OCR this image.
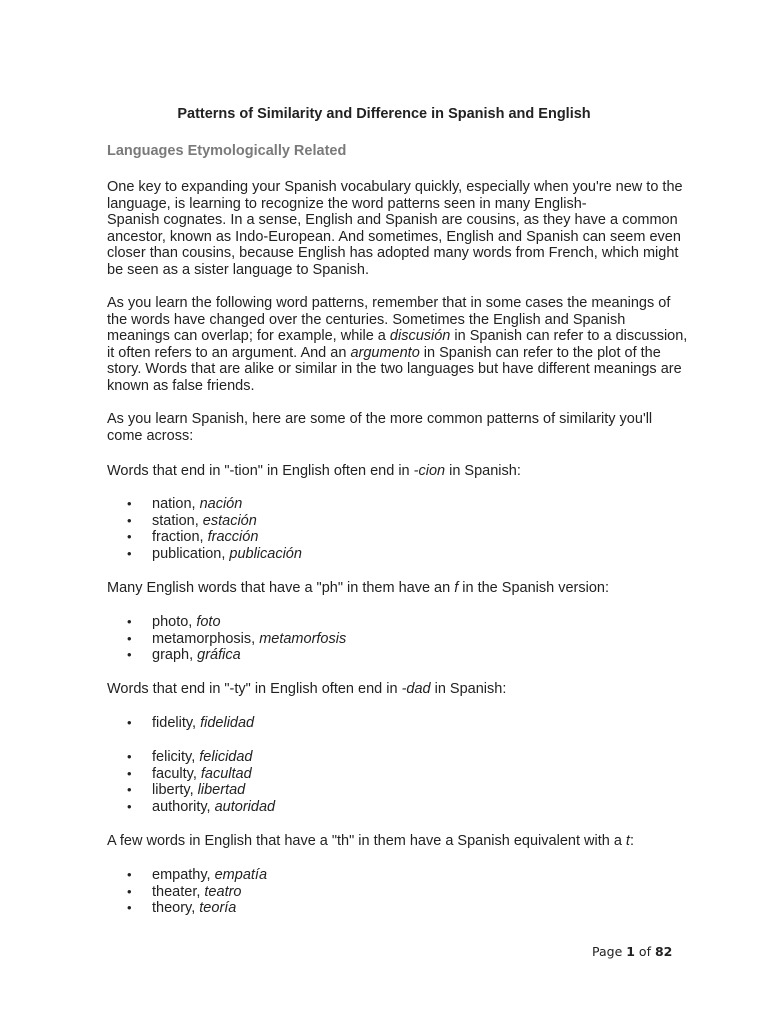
Patterns of Similarity and Difference in Spanish and English
Languages Etymologically Related

One key to expanding your Spanish vocabulary quickly, especially when you're new to the
language, is learning to recognize the word patterns seen in many English-
Spanish cognates. In a sense, English and Spanish are cousins, as they have a common
ancestor, known as Indo-European. And sometimes, English and Spanish can seem even
closer than cousins, because English has adopted many words from French, which might
be seen as a sister language to Spanish.

As you learn the following word patterns, remember that in some cases the meanings of
the words have changed over the centuries. Sometimes the English and Spanish
meanings can overlap; for example, while a discusión in Spanish can refer to a discussion,
it often refers to an argument. And an argumento in Spanish can refer to the plot of the
story. Words that are alike or similar in the two languages but have different meanings are
known as false friends.

As you learn Spanish, here are some of the more common patterns of similarity you'll
come across:

Words that end in "-tion" in English often end in -cion in Spanish:

• nation, nación
• station, estación
• fraction, fracción
• publication, publicación

Many English words that have a "ph" in them have an f in the Spanish version:

• photo, foto
• metamorphosis, metamorfosis
• graph, gráfica

Words that end in "-ty" in English often end in -dad in Spanish:

• fidelity, fidelidad
• felicity, felicidad
• faculty, facultad
• liberty, libertad
• authority, autoridad

A few words in English that have a "th" in them have a Spanish equivalent with a t:

• empathy, empatía
• theater, teatro
• theory, teoría
Page 1 of 82
